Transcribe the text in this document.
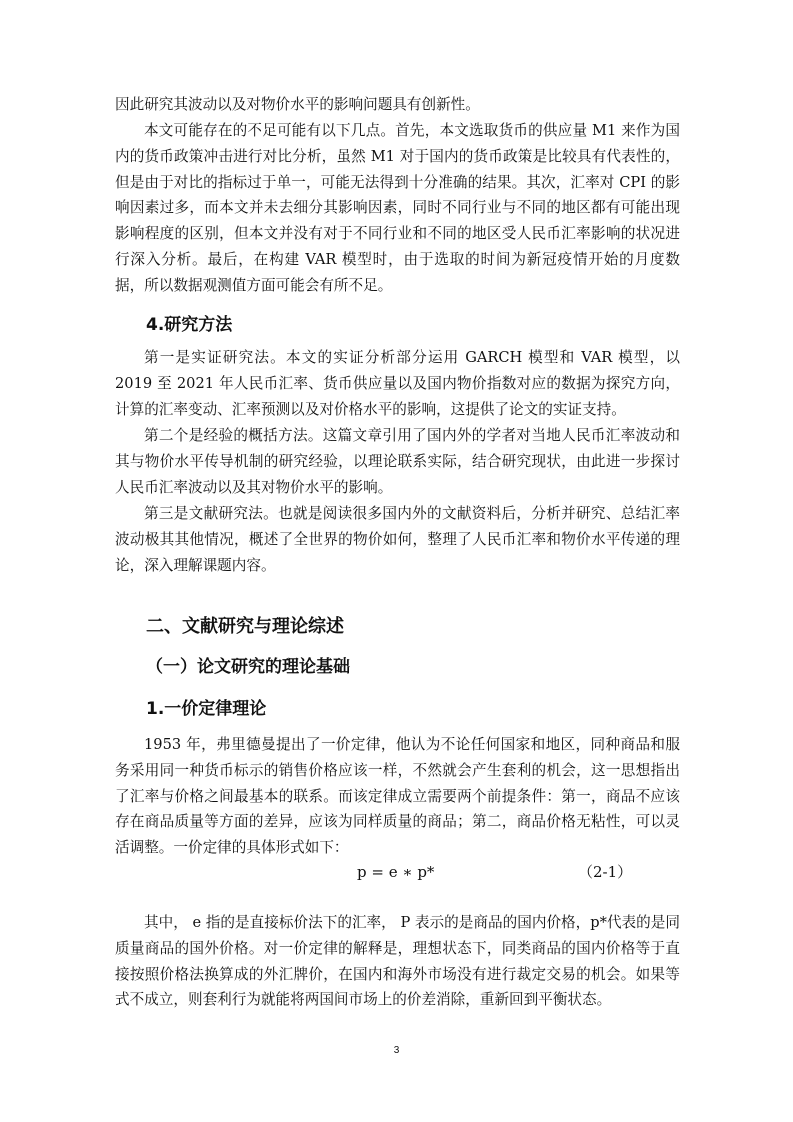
因此研究其波动以及对物价水平的影响问题具有创新性。
本文可能存在的不足可能有以下几点。首先，本文选取货币的供应量 M1 来作为国内的货币政策冲击进行对比分析，虽然 M1 对于国内的货币政策是比较具有代表性的，但是由于对比的指标过于单一，可能无法得到十分准确的结果。其次，汇率对 CPI 的影响因素过多，而本文并未去细分其影响因素，同时不同行业与不同的地区都有可能出现影响程度的区别，但本文并没有对于不同行业和不同的地区受人民币汇率影响的状况进行深入分析。最后，在构建 VAR 模型时，由于选取的时间为新冠疫情开始的月度数据，所以数据观测值方面可能会有所不足。
4.研究方法
第一是实证研究法。本文的实证分析部分运用 GARCH 模型和 VAR 模型，以 2019 至 2021 年人民币汇率、货币供应量以及国内物价指数对应的数据为探究方向，计算的汇率变动、汇率预测以及对价格水平的影响，这提供了论文的实证支持。
第二个是经验的概括方法。这篇文章引用了国内外的学者对当地人民币汇率波动和其与物价水平传导机制的研究经验，以理论联系实际，结合研究现状，由此进一步探讨人民币汇率波动以及其对物价水平的影响。
第三是文献研究法。也就是阅读很多国内外的文献资料后，分析并研究、总结汇率波动极其其他情况，概述了全世界的物价如何，整理了人民币汇率和物价水平传递的理论，深入理解课题内容。
二、文献研究与理论综述
（一）论文研究的理论基础
1.一价定律理论
1953 年，弗里德曼提出了一价定律，他认为不论任何国家和地区，同种商品和服务采用同一种货币标示的销售价格应该一样，不然就会产生套利的机会，这一思想指出了汇率与价格之间最基本的联系。而该定律成立需要两个前提条件：第一，商品不应该存在商品质量等方面的差异，应该为同样质量的商品；第二，商品价格无粘性，可以灵活调整。一价定律的具体形式如下：
p = e ∗ p*	（2-1）
其中， e 指的是直接标价法下的汇率， P 表示的是商品的国内价格，p*代表的是同质量商品的国外价格。对一价定律的解释是，理想状态下，同类商品的国内价格等于直接按照价格法换算成的外汇牌价，在国内和海外市场没有进行裁定交易的机会。如果等式不成立，则套利行为就能将两国间市场上的价差消除，重新回到平衡状态。
3
